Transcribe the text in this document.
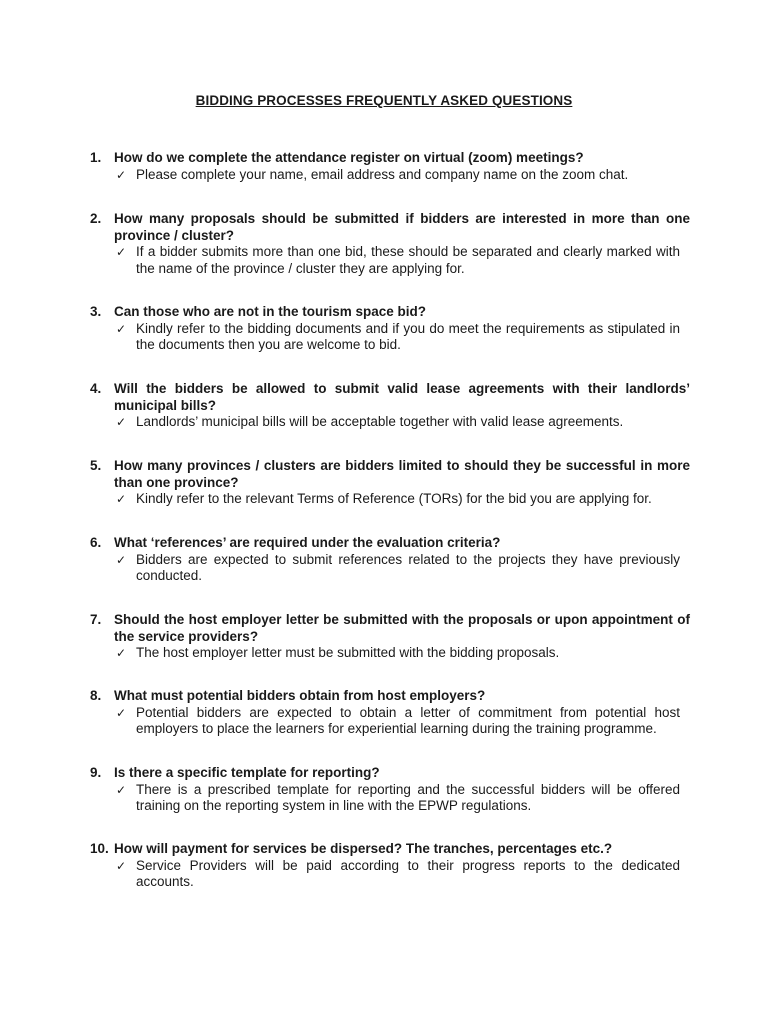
BIDDING PROCESSES FREQUENTLY ASKED QUESTIONS
1. How do we complete the attendance register on virtual (zoom) meetings?
✓ Please complete your name, email address and company name on the zoom chat.
2. How many proposals should be submitted if bidders are interested in more than one province / cluster?
✓ If a bidder submits more than one bid, these should be separated and clearly marked with the name of the province / cluster they are applying for.
3. Can those who are not in the tourism space bid?
✓ Kindly refer to the bidding documents and if you do meet the requirements as stipulated in the documents then you are welcome to bid.
4. Will the bidders be allowed to submit valid lease agreements with their landlords’ municipal bills?
✓ Landlords’ municipal bills will be acceptable together with valid lease agreements.
5. How many provinces / clusters are bidders limited to should they be successful in more than one province?
✓ Kindly refer to the relevant Terms of Reference (TORs) for the bid you are applying for.
6. What ‘references’ are required under the evaluation criteria?
✓ Bidders are expected to submit references related to the projects they have previously conducted.
7. Should the host employer letter be submitted with the proposals or upon appointment of the service providers?
✓ The host employer letter must be submitted with the bidding proposals.
8. What must potential bidders obtain from host employers?
✓ Potential bidders are expected to obtain a letter of commitment from potential host employers to place the learners for experiential learning during the training programme.
9. Is there a specific template for reporting?
✓ There is a prescribed template for reporting and the successful bidders will be offered training on the reporting system in line with the EPWP regulations.
10. How will payment for services be dispersed? The tranches, percentages etc.?
✓ Service Providers will be paid according to their progress reports to the dedicated accounts.
